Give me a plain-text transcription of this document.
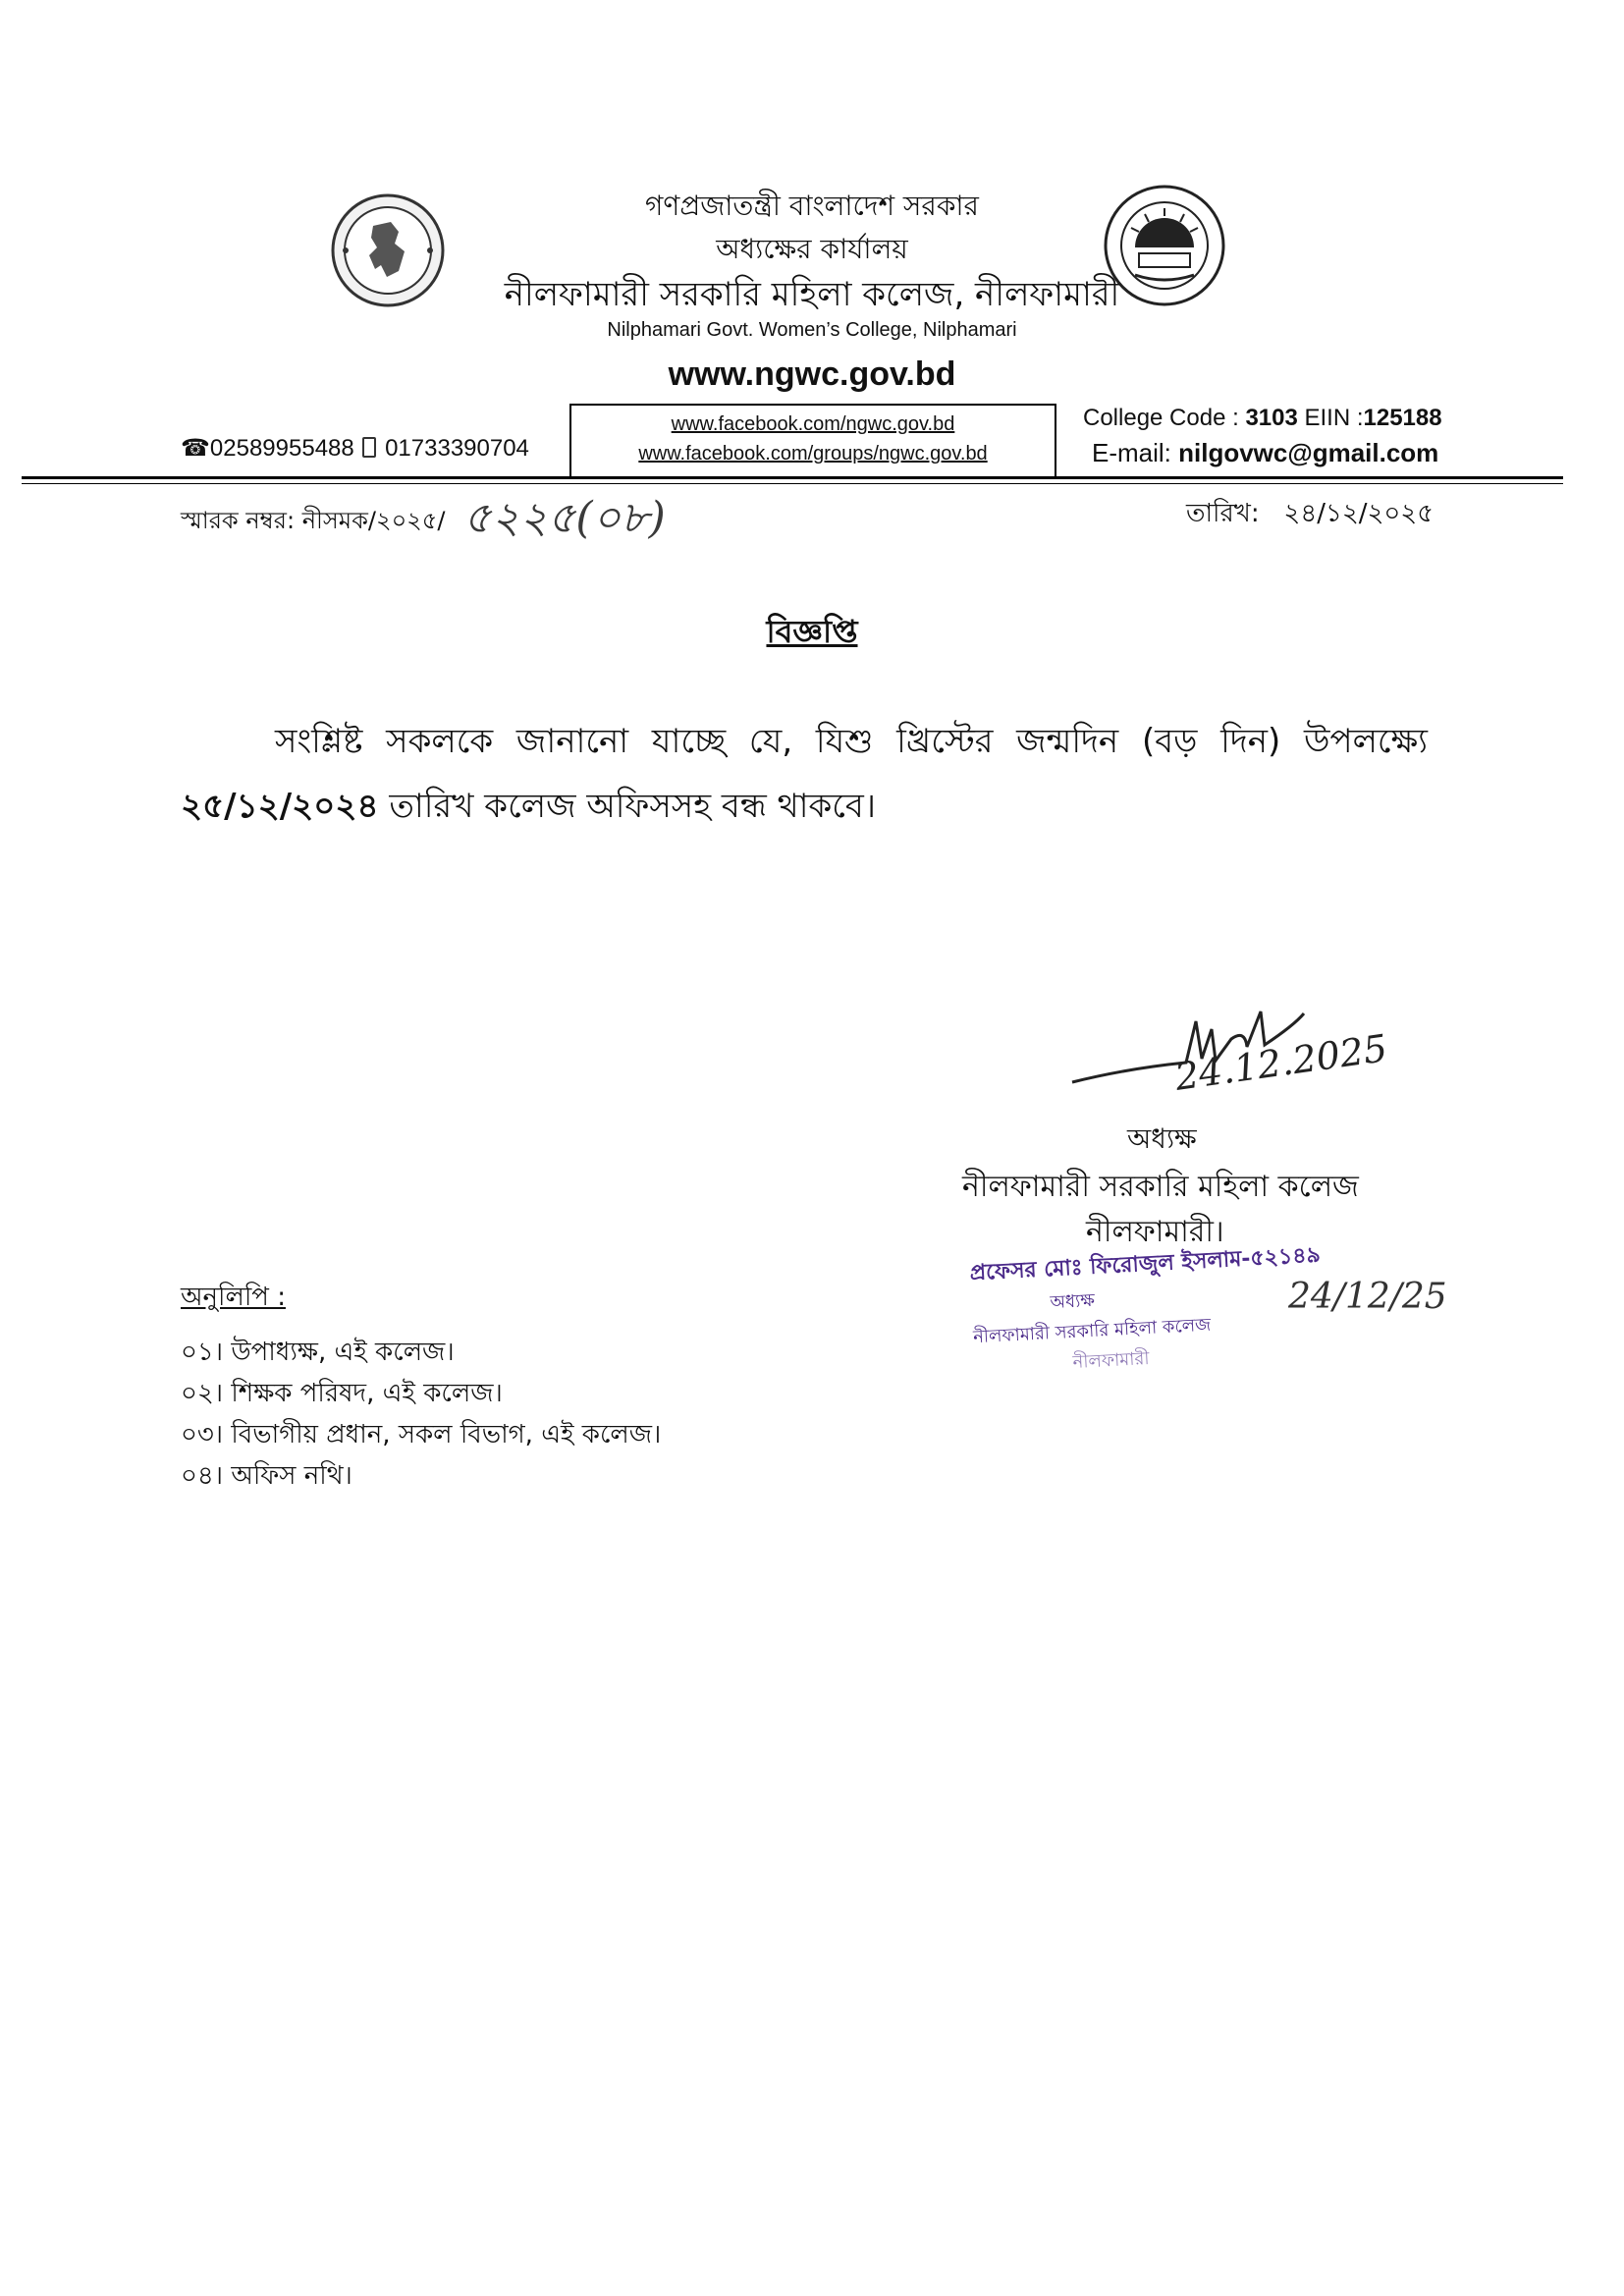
গণপ্রজাতন্ত্রী বাংলাদেশ সরকার
অধ্যক্ষের কার্যালয়
নীলফামারী সরকারি মহিলা কলেজ, নীলফামারী
Nilphamari Govt. Women’s College, Nilphamari
www.ngwc.gov.bd
www.facebook.com/ngwc.gov.bd
www.facebook.com/groups/ngwc.gov.bd
☎02589955488 01733390704
College Code : 3103 EIIN :125188
E-mail: nilgovwc@gmail.com
স্মারক নম্বর: নীসমক/২০২৫/ ৫২২৫(০৮)	তারিখ: ২৪/১২/২০২৫
বিজ্ঞপ্তি
সংশ্লিষ্ট সকলকে জানানো যাচ্ছে যে, যিশু খ্রিস্টের জন্মদিন (বড় দিন) উপলক্ষ্যে ২৫/১২/২০২৪ তারিখ কলেজ অফিসসহ বন্ধ থাকবে।
24.12.2025
অধ্যক্ষ
নীলফামারী সরকারি মহিলা কলেজ
নীলফামারী।
প্রফেসর মোঃ ফিরোজুল ইসলাম-৫২১৪৯
অধ্যক্ষ
নীলফামারী সরকারি মহিলা কলেজ
নীলফামারী
24/12/25
অনুলিপি :
০১। উপাধ্যক্ষ, এই কলেজ।
০২। শিক্ষক পরিষদ, এই কলেজ।
০৩। বিভাগীয় প্রধান, সকল বিভাগ, এই কলেজ।
০৪। অফিস নথি।
